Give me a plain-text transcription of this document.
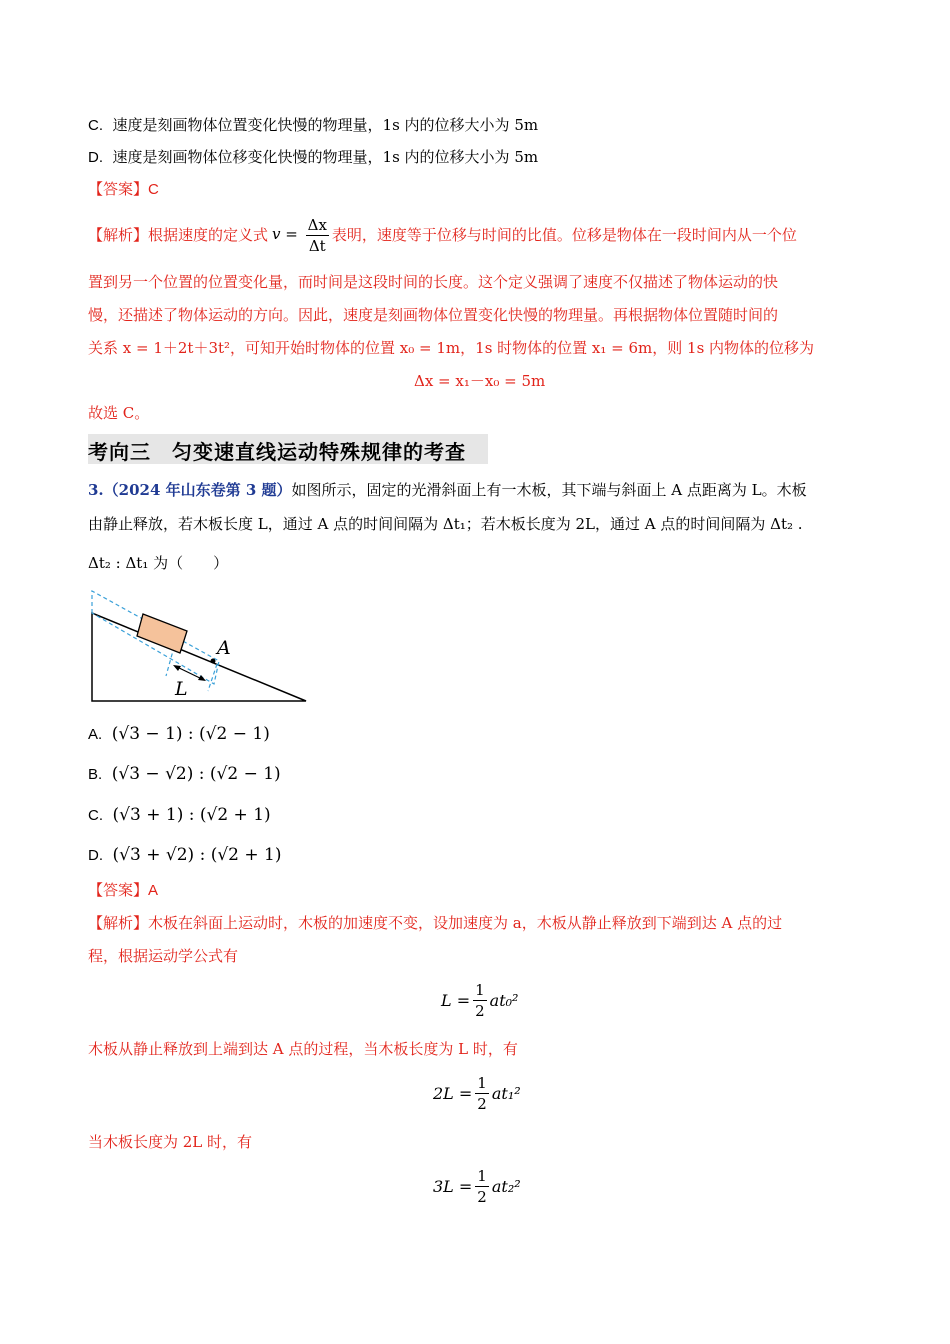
C. 速度是刻画物体位置变化快慢的物理量，1s 内的位移大小为 5m
D. 速度是刻画物体位移变化快慢的物理量，1s 内的位移大小为 5m
【答案】C
【解析】 根据速度的定义式 $v = \frac{\Delta x}{\Delta t}$ 表明，速度等于位移与时间的比值。位移是物体在一段时间内从一个位
置到另一个位置的位置变化量，而时间是这段时间的长度。这个定义强调了速度不仅描述了物体运动的快
慢，还描述了物体运动的方向。因此，速度是刻画物体位置变化快慢的物理量。再根据物体位置随时间的
关系 x = 1＋2t＋3t²，可知开始时物体的位置 x₀ = 1m，1s 时物体的位置 x₁ = 6m，则 1s 内物体的位移为
Δx = x₁－x₀ = 5m
故选 C。
考向三　匀变速直线运动特殊规律的考查
3.（2024 年山东卷第 3 题）如图所示，固定的光滑斜面上有一木板，其下端与斜面上 A 点距离为 L。木板
由静止释放，若木板长度 L，通过 A 点的时间间隔为 Δt₁；若木板长度为 2L，通过 A 点的时间间隔为 Δt₂ .
Δt₂ : Δt₁ 为（　　）
A
L
A. (√3 − 1) : (√2 − 1)
B. (√3 − √2) : (√2 − 1)
C. (√3 + 1) : (√2 + 1)
D. (√3 + √2) : (√2 + 1)
【答案】A
【解析】木板在斜面上运动时，木板的加速度不变，设加速度为 a，木板从静止释放到下端到达 A 点的过
程，根据运动学公式有
$L = \frac{1}{2} at_0^2$
木板从静止释放到上端到达 A 点的过程，当木板长度为 L 时，有
$2L = \frac{1}{2} at_1^2$
当木板长度为 2L 时，有
$3L = \frac{1}{2} at_2^2$
